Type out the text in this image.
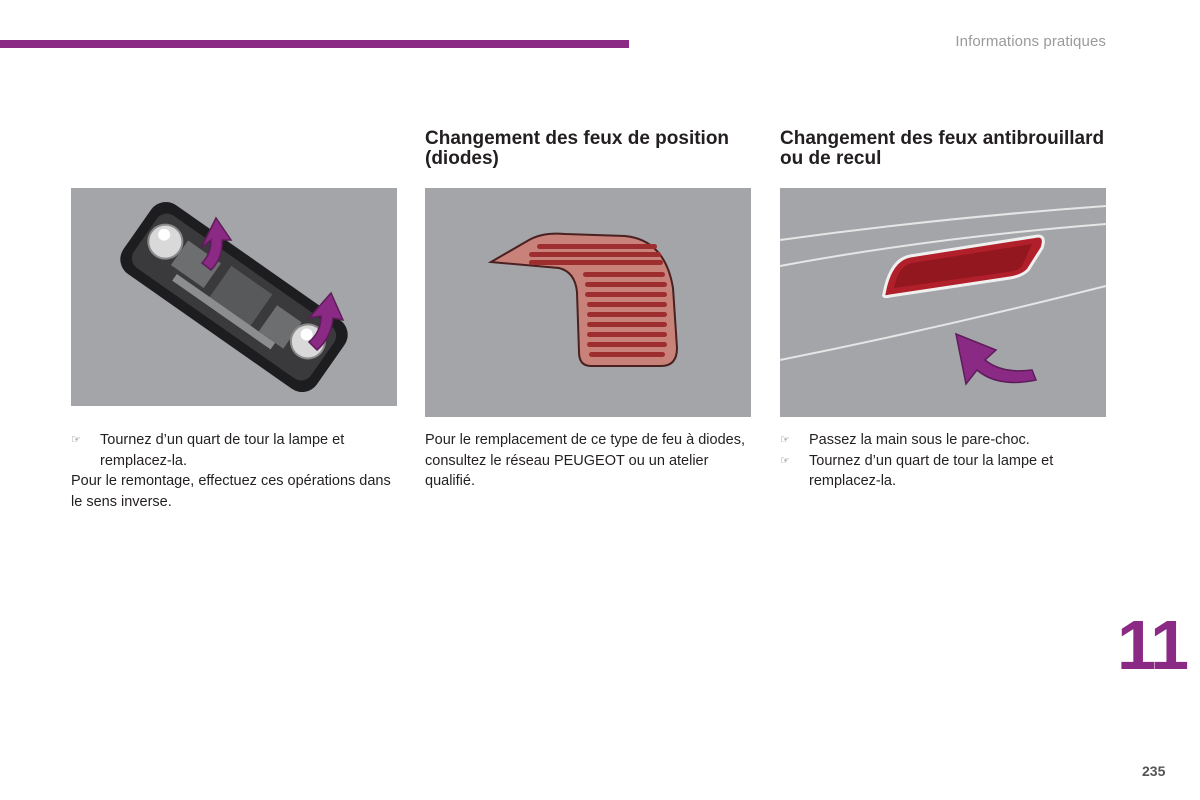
Informations pratiques
☞ Tournez d’un quart de tour la lampe et remplacez-la.
Pour le remontage, effectuez ces opérations dans le sens inverse.
Changement des feux de position (diodes)
Pour le remplacement de ce type de feu à diodes, consultez le réseau PEUGEOT ou un atelier qualifié.
Changement des feux antibrouillard ou de recul
☞ Passez la main sous le pare-choc.
☞ Tournez d’un quart de tour la lampe et remplacez-la.
11
235
